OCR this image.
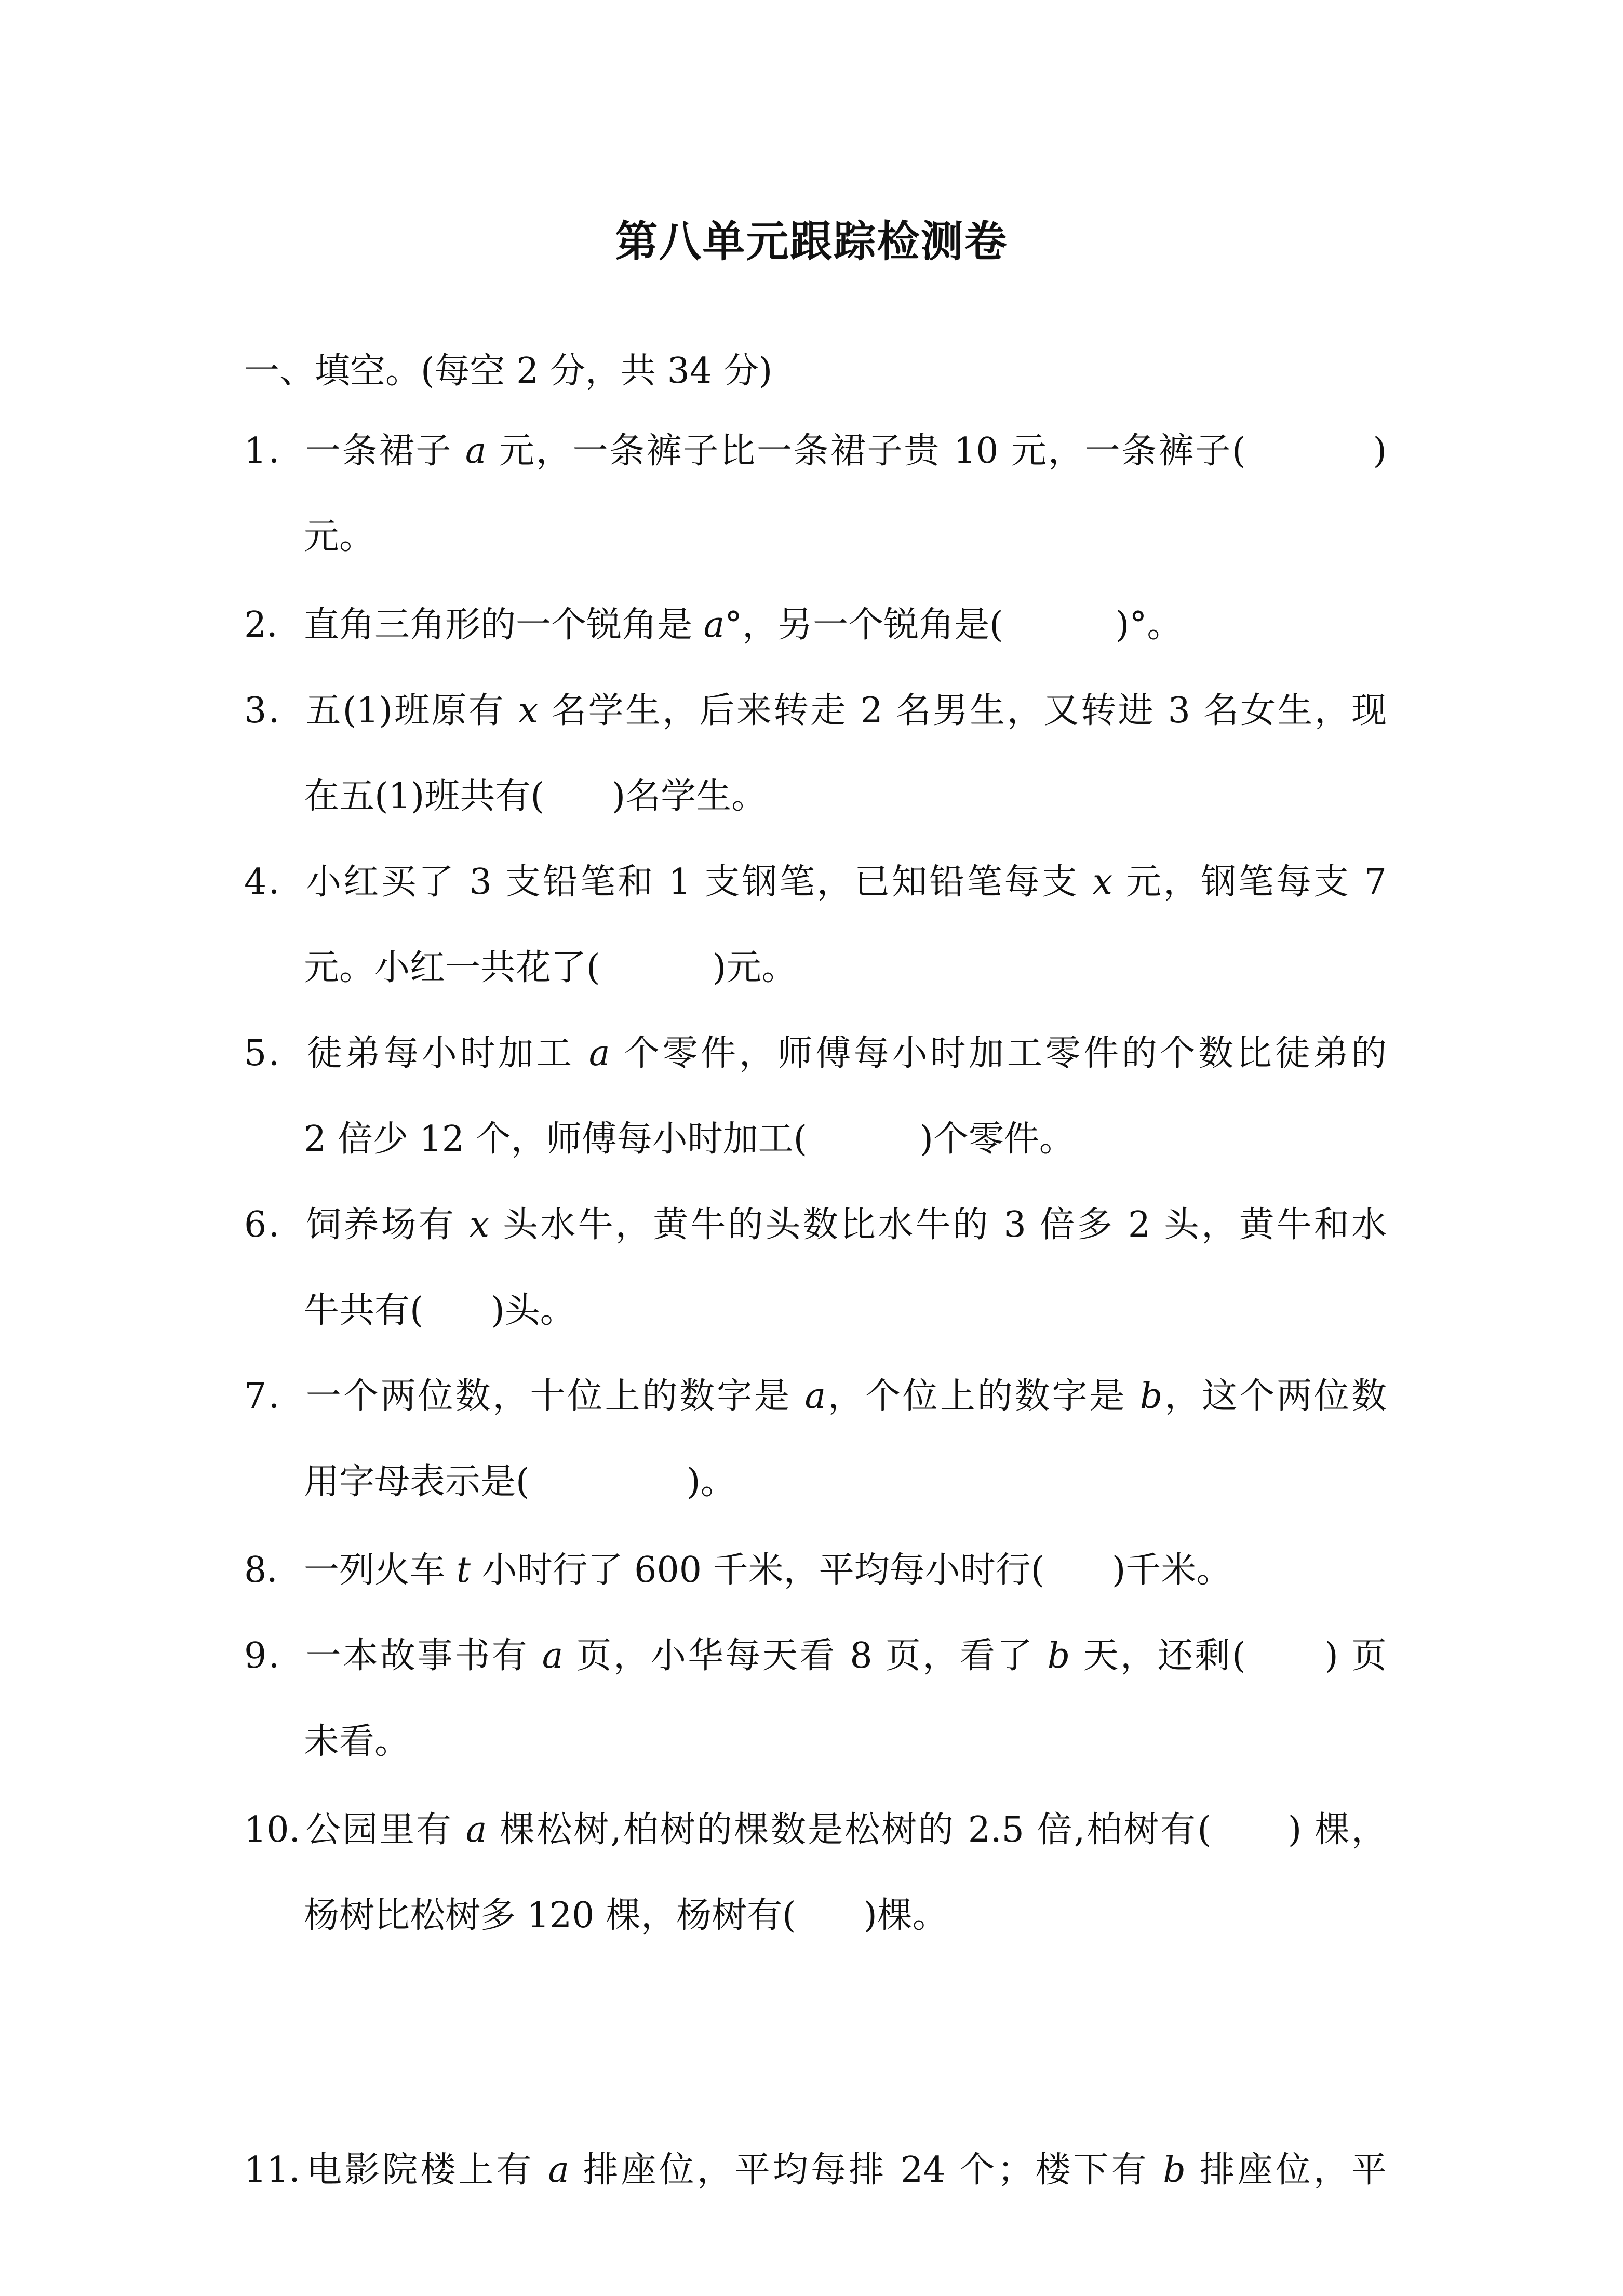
第八单元跟踪检测卷
一、填空。(每空 2 分，共 34 分)
1．一条裙子 a 元，一条裤子比一条裙子贵 10 元，一条裤子(	)
元。
2．直角三角形的一个锐角是 a°，另一个锐角是(	)°。
3．五(1)班原有 x 名学生，后来转走 2 名男生，又转进 3 名女生，现
在五(1)班共有( )名学生。
4．小红买了 3 支铅笔和 1 支钢笔，已知铅笔每支 x 元，钢笔每支 7
元。小红一共花了(	)元。
5．徒弟每小时加工 a 个零件，师傅每小时加工零件的个数比徒弟的
2 倍少 12 个，师傅每小时加工(	)个零件。
6．饲养场有 x 头水牛，黄牛的头数比水牛的 3 倍多 2 头，黄牛和水
牛共有( )头。
7．一个两位数，十位上的数字是 a，个位上的数字是 b，这个两位数
用字母表示是(	)。
8．一列火车 t 小时行了 600 千米，平均每小时行( )千米。
9．一本故事书有 a 页，小华每天看 8 页，看了 b 天，还剩( ) 页
未看。
10. 公园里有 a 棵松树,柏树的棵数是松树的 2.5 倍,柏树有( ) 棵，
杨树比松树多 120 棵，杨树有( )棵。
11．电影院楼上有 a 排座位，平均每排 24 个；楼下有 b 排座位，平
